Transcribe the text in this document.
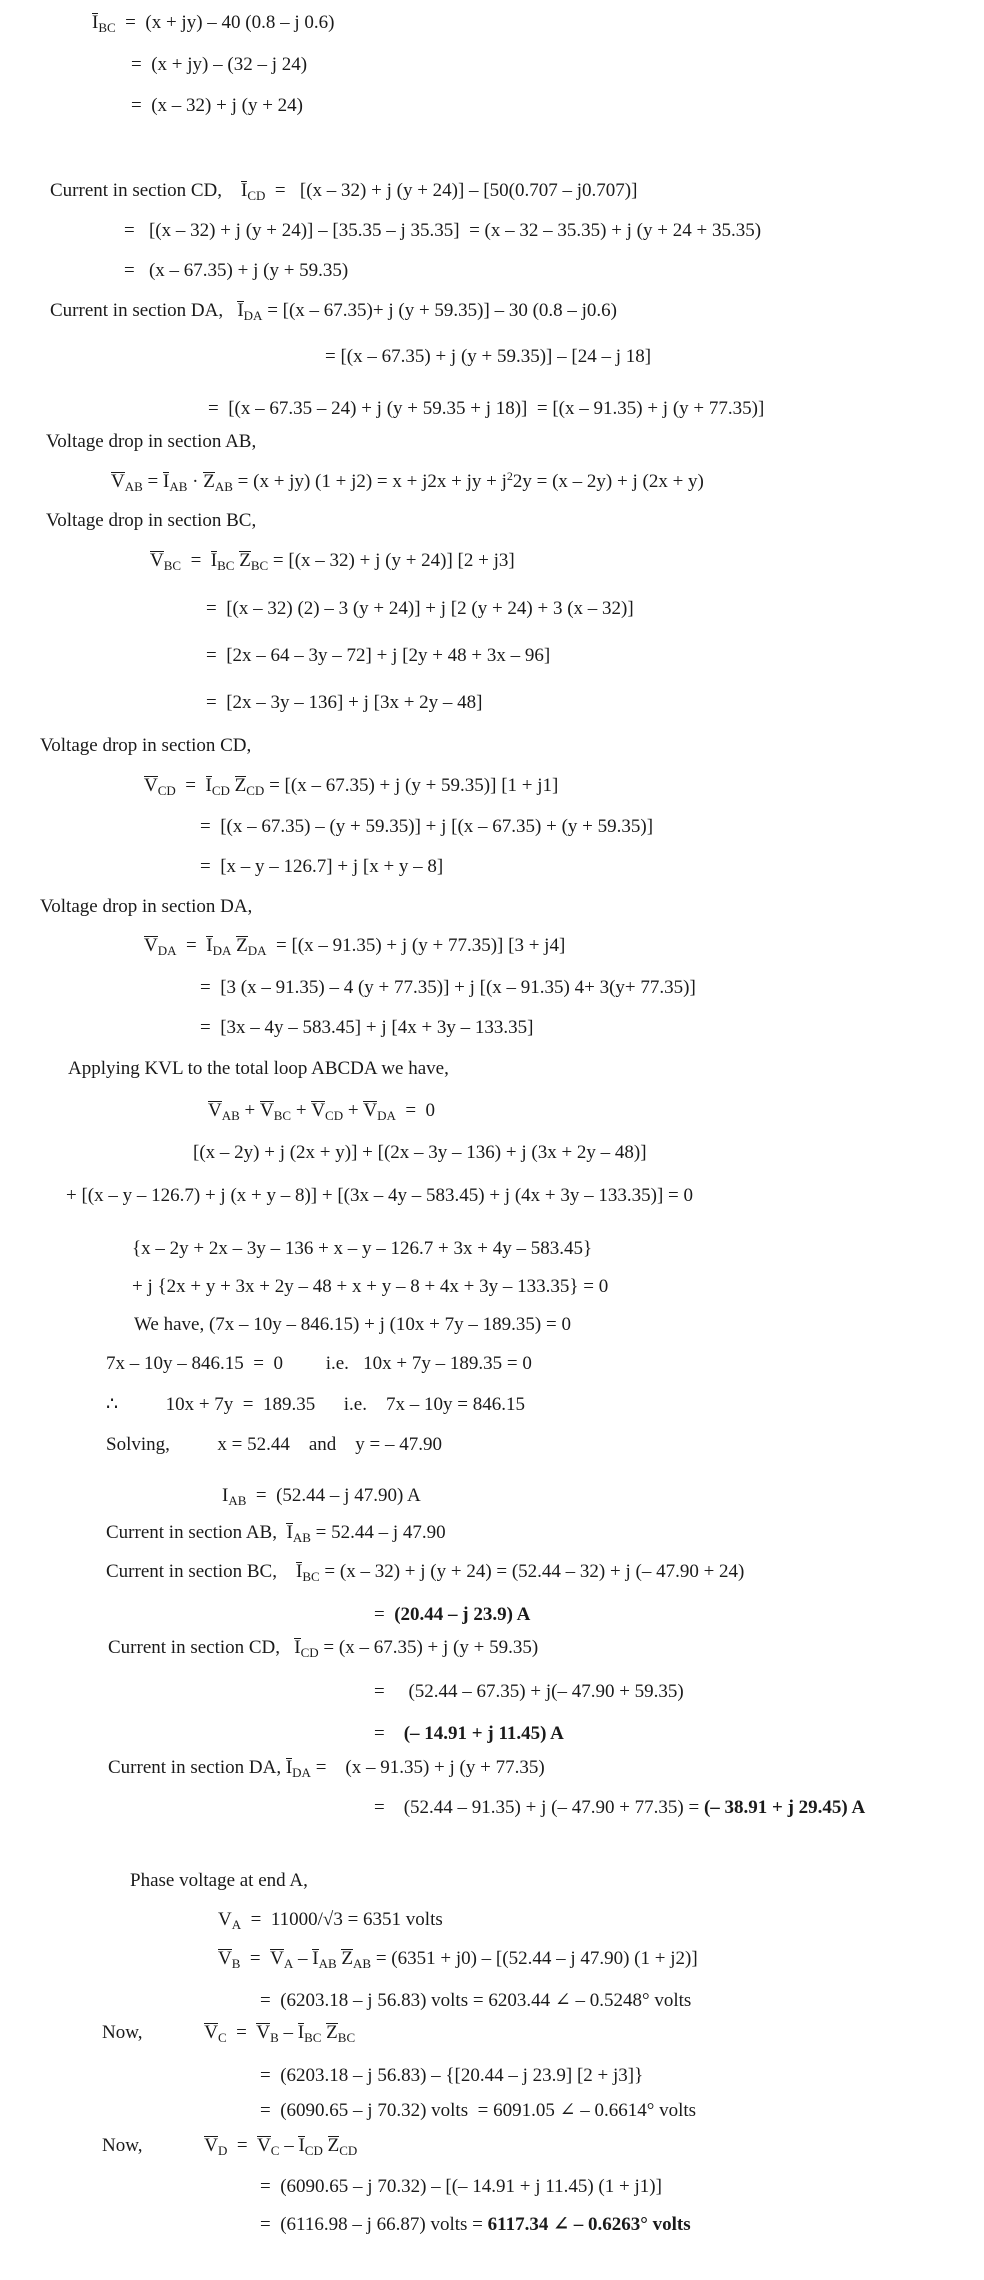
$I_{BC} = (x + jy) - 40$ (0.8 – j 0.6)
=  (x + jy) – (32 – j 24)
=  (x – 32) + j (y + 24)
Current in section CD,    $I_{CD} = [(x - 32) + j$ (y + 24)] – [50(0.707 – j0.707)]
=   [(x – 32) + j (y + 24)] – [35.35 – j 35.35]  = (x – 32 – 35.35) + j (y + 24 + 35.35)
=   (x – 67.35) + j (y + 59.35)
Current in section DA,   $I_{DA} = [(x - 67.35)+ j$ (y + 59.35)] – 30 (0.8 – j0.6)
= [(x – 67.35) + j (y + 59.35)] – [24 – j 18]
=  [(x – 67.35 – 24) + j (y + 59.35 + j 18)]  = [(x – 91.35) + j (y + 77.35)]
Voltage drop in section AB,
$V_{AB} = I_{AB} \cdot Z_{AB} = (x + jy) (1 + j2) = x + j2x$ + jy + $j^22y = (x - 2y) + j$ (2x + y)
Voltage drop in section BC,
$V_{BC} = I_{BC}$ $Z_{BC} = [(x - 32) + j$ (y + 24)] [2 + j3]
=  [(x – 32) (2) – 3 (y + 24)] + j [2 (y + 24) + 3 (x – 32)]
=  [2x – 64 – 3y – 72] + j [2y + 48 + 3x – 96]
=  [2x – 3y – 136] + j [3x + 2y – 48]
Voltage drop in section CD,
$V_{CD} = I_{CD}$ $Z_{CD} = [(x - 67.35) + j$ (y + 59.35)] [1 + j1]
=  [(x – 67.35) – (y + 59.35)] + j [(x – 67.35) + (y + 59.35)]
=  [x – y – 126.7] + j [x + y – 8]
Voltage drop in section DA,
$V_{DA} = I_{DA}$ $Z_{DA} = [(x - 91.35) + j$ (y + 77.35)] [3 + j4]
=  [3 (x – 91.35) – 4 (y + 77.35)] + j [(x – 91.35) 4+ 3(y+ 77.35)]
=  [3x – 4y – 583.45] + j [4x + 3y – 133.35]
Applying KVL to the total loop ABCDA we have,
$V_{AB} + V_{BC} + V_{CD} + V_{DA} = 0$
[(x – 2y) + j (2x + y)] + [(2x – 3y – 136) + j (3x + 2y – 48)]
+ [(x – y – 126.7) + j (x + y – 8)] + [(3x – 4y – 583.45) + j (4x + 3y – 133.35)] = 0
{x – 2y + 2x – 3y – 136 + x – y – 126.7 + 3x + 4y – 583.45}
+ j {2x + y + 3x + 2y – 48 + x + y – 8 + 4x + 3y – 133.35} = 0
We have, (7x – 10y – 846.15) + j (10x + 7y – 189.35) = 0
7x – 10y – 846.15  =  0         i.e.   10x + 7y – 189.35 = 0
∴          10x + 7y  =  189.35      i.e.    7x – 10y = 846.15
Solving,          x = 52.44    and    y = – 47.90
$I_{AB} = (52.44 - j$ 47.90) A
Current in section AB,  $I_{AB} = 52.44 - j$ 47.90
Current in section BC,    $I_{BC} = (x - 32) + j$ (y + 24) = (52.44 – 32) + j (– 47.90 + 24)
=  (20.44 – j 23.9) A
Current in section CD,   $I_{CD} = (x - 67.35) + j$ (y + 59.35)
=     (52.44 – 67.35) + j(– 47.90 + 59.35)
=    (– 14.91 + j 11.45) A
Current in section DA, $I_{DA}$ =    (x – 91.35) + j (y + 77.35)
=    (52.44 – 91.35) + j (– 47.90 + 77.35) = (– 38.91 + j 29.45) A
Phase voltage at end A,
$V_A = 11000/√3 = 6351$ volts
$V_B = V_A - I_{AB}$ $Z_{AB} = (6351 + j0) - [(52.44 - j$ 47.90) (1 + j2)]
=  (6203.18 – j 56.83) volts = 6203.44 ∠ – 0.5248° volts
Now,             $V_C = V_B - I_{BC}$ $Z_{BC}$
=  (6203.18 – j 56.83) – {[20.44 – j 23.9] [2 + j3]}
=  (6090.65 – j 70.32) volts  = 6091.05 ∠ – 0.6614° volts
Now,             $V_D = V_C - I_{CD}$ $Z_{CD}$
=  (6090.65 – j 70.32) – [(– 14.91 + j 11.45) (1 + j1)]
=  (6116.98 – j 66.87) volts = 6117.34 ∠ – 0.6263° volts
